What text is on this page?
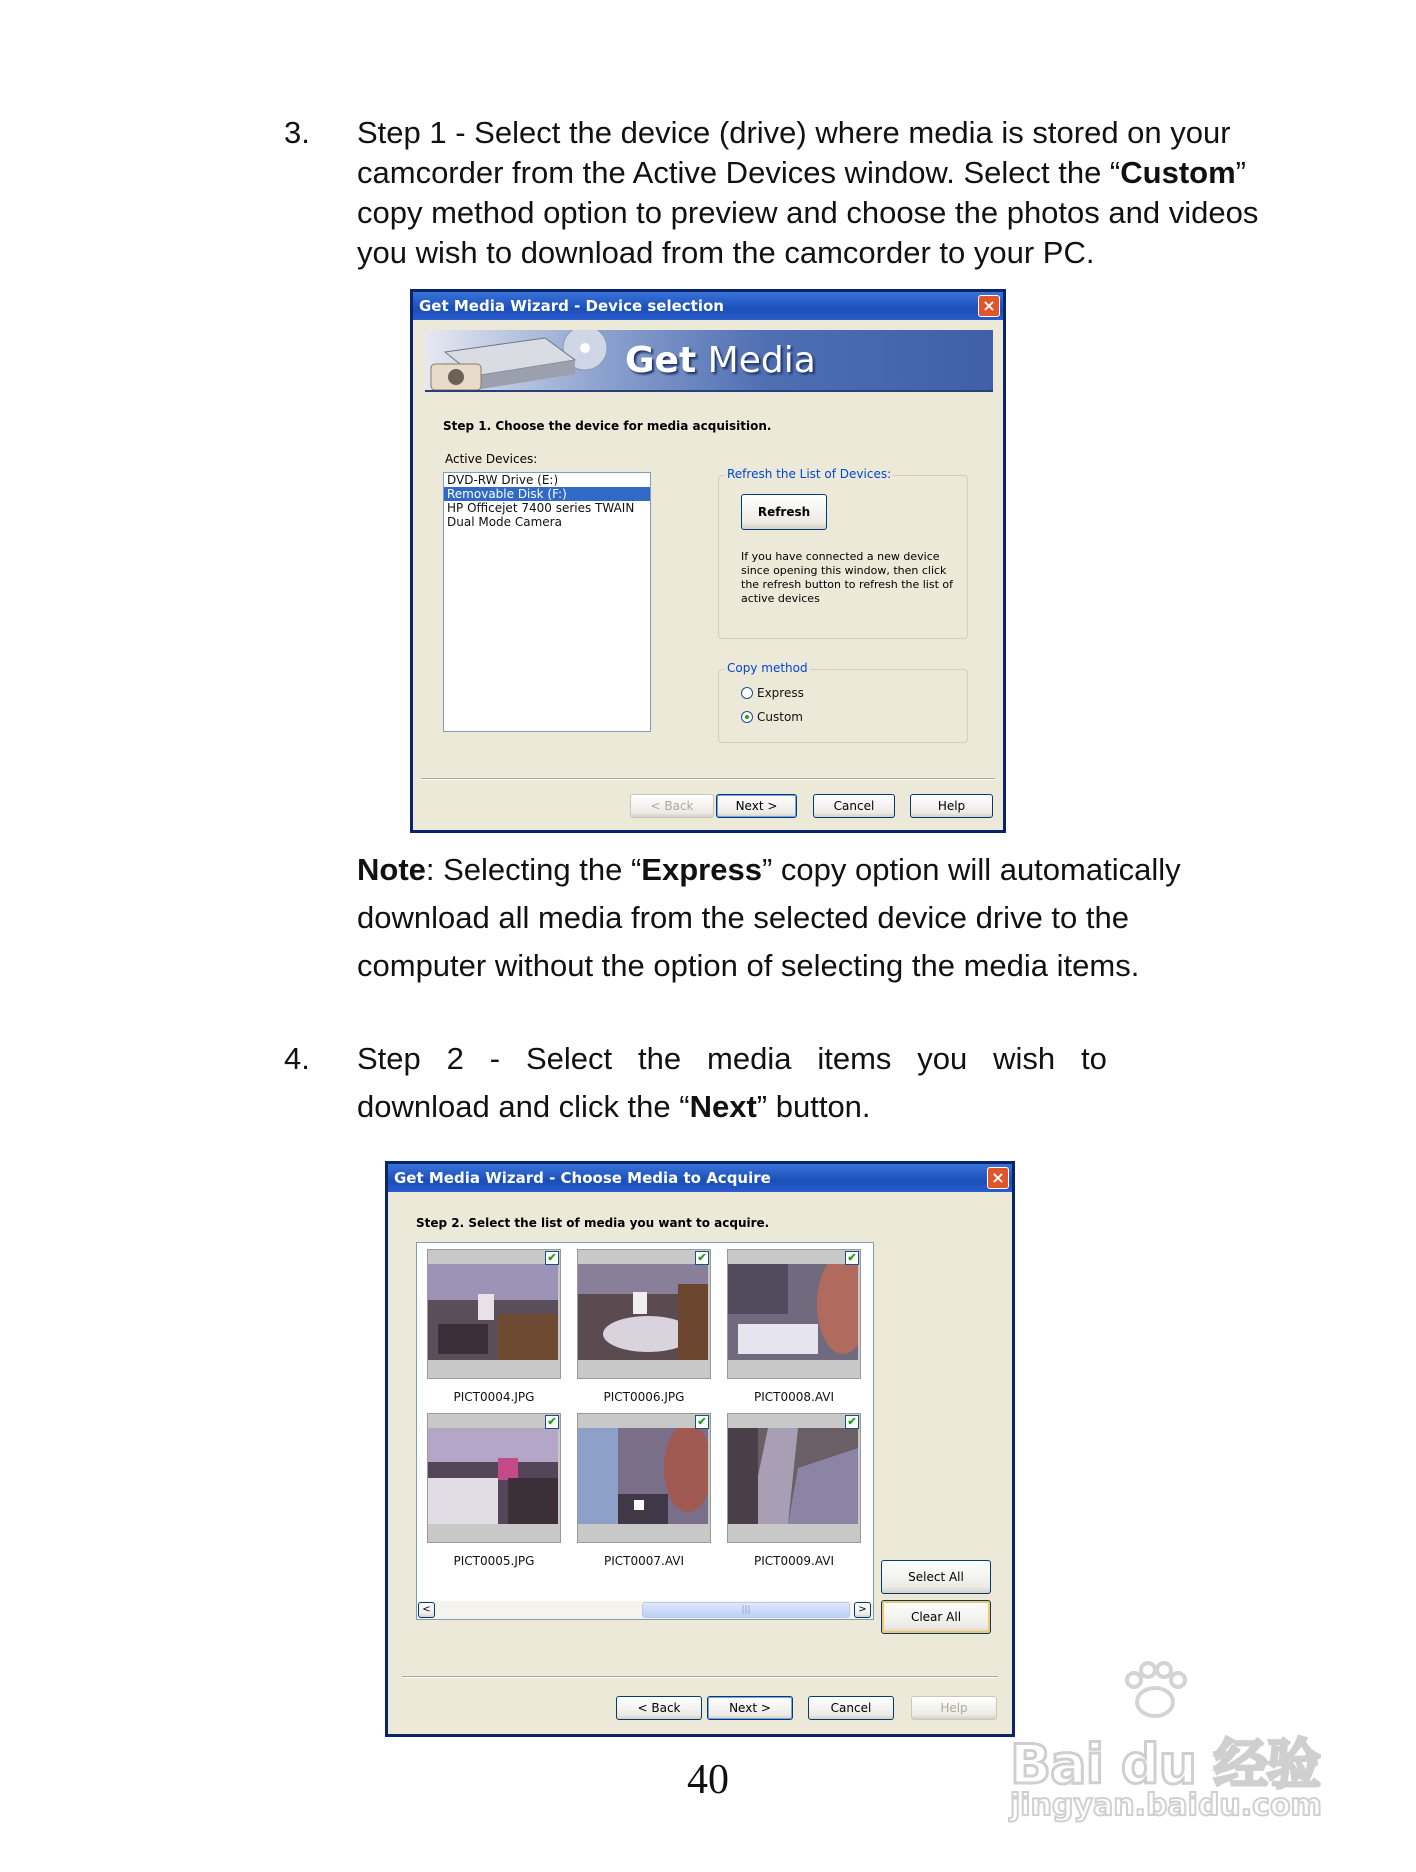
3. Step 1 - Select the device (drive) where media is stored on your
camcorder from the Active Devices window. Select the “Custom”
copy method option to preview and choose the photos and videos
you wish to download from the camcorder to your PC.
Get Media Wizard - Device selection	×
Get Media
Step 1. Choose the device for media acquisition.
Active Devices:
DVD-RW Drive (E:)
Removable Disk (F:)
HP Officejet 7400 series TWAIN
Dual Mode Camera
Refresh the List of Devices:
Refresh
If you have connected a new device
since opening this window, then click
the refresh button to refresh the list of
active devices
Copy method
Express
Custom
< Back	Next >	Cancel	Help
Note: Selecting the “Express” copy option will automatically
download all media from the selected device drive to the
computer without the option of selecting the media items.
4. Step 2 - Select the media items you wish to
download and click the “Next” button.
Get Media Wizard - Choose Media to Acquire	×
Step 2. Select the list of media you want to acquire.
✔
PICT0004.JPG
✔
PICT0006.JPG
✔
PICT0008.AVI
✔
PICT0005.JPG
✔
PICT0007.AVI
✔
PICT0009.AVI
<	|||	>
Select All
Clear All
< Back	Next >	Cancel	Help
40	Bai du 经验
jingyan.baidu.com
